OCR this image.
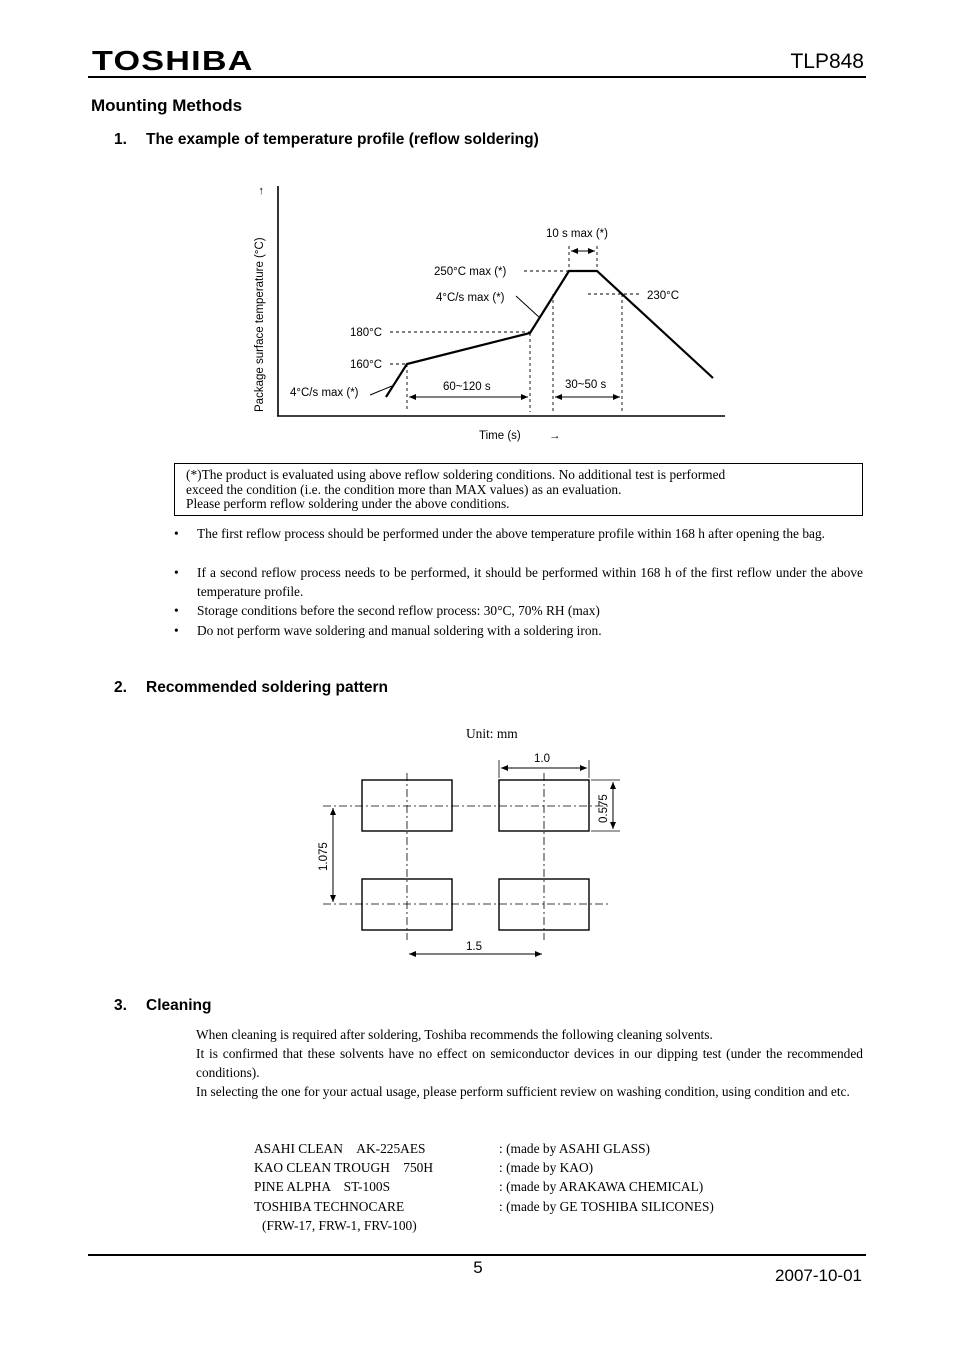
TOSHIBA	TLP848
Mounting Methods
1. The example of temperature profile (reflow soldering)
Package surface temperature (°C)
→
Time (s) →
4°C/s max (*)
160°C
180°C
4°C/s max (*)
250°C max (*)
230°C
10 s max (*)
60~120 s	30~50 s
(*)The product is evaluated using above reflow soldering conditions. No additional test is performed
exceed the condition (i.e. the condition more than MAX values) as an evaluation.
Please perform reflow soldering under the above conditions.
• The first reflow process should be performed under the above temperature profile within 168 h after opening the bag.
• If a second reflow process needs to be performed, it should be performed within 168 h of the first reflow under the above temperature profile.
• Storage conditions before the second reflow process: 30°C, 70% RH (max)
• Do not perform wave soldering and manual soldering with a soldering iron.
2. Recommended soldering pattern
Unit: mm
1.0
0.575
1.075
1.5
3. Cleaning
When cleaning is required after soldering, Toshiba recommends the following cleaning solvents.
It is confirmed that these solvents have no effect on semiconductor devices in our dipping test (under the recommended conditions).
In selecting the one for your actual usage, please perform sufficient review on washing condition, using condition and etc.
ASAHI CLEAN　AK-225AES	: (made by ASAHI GLASS)
KAO CLEAN TROUGH　750H	: (made by KAO)
PINE ALPHA　ST-100S	: (made by ARAKAWA CHEMICAL)
TOSHIBA TECHNOCARE	: (made by GE TOSHIBA SILICONES)
(FRW-17, FRW-1, FRV-100)
5	2007-10-01
